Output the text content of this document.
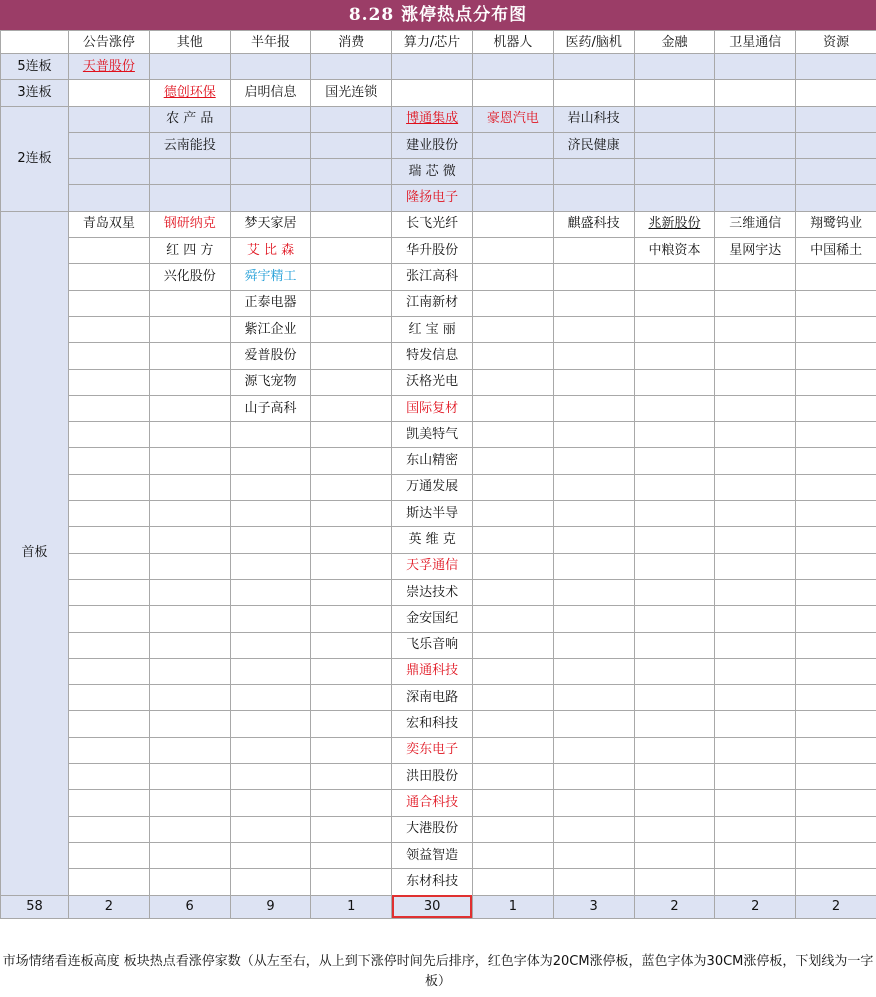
8.28 涨停热点分布图
	公告涨停	其他	半年报	消费	算力/芯片	机器人	医药/脑机	金融	卫星通信	资源
5连板	天普股份									
3连板		德创环保	启明信息	国光连锁						
2连板		农 产 品			博通集成	豪恩汽电	岩山科技			
		云南能投			建业股份		济民健康			
					瑞 芯 微					
					隆扬电子					
首板	青岛双星	钢研纳克	梦天家居		长飞光纤		麒盛科技	兆新股份	三维通信	翔鹭钨业
		红 四 方	艾 比 森		华升股份			中粮资本	星网宇达	中国稀土
		兴化股份	舜宇精工		张江高科					
			正泰电器		江南新材					
			紫江企业		红 宝 丽					
			爱普股份		特发信息					
			源飞宠物		沃格光电					
			山子高科		国际复材					
					凯美特气					
					东山精密					
					万通发展					
					斯达半导					
					英 维 克					
					天孚通信					
					崇达技术					
					金安国纪					
					飞乐音响					
					鼎通科技					
					深南电路					
					宏和科技					
					奕东电子					
					洪田股份					
					通合科技					
					大港股份					
					领益智造					
					东材科技					
58	2	6	9	1	30	1	3	2	2	2
市场情绪看连板高度 板块热点看涨停家数（从左至右，从上到下涨停时间先后排序，红色字体为20CM涨停板，蓝色字体为30CM涨停板，下划线为一字板）
